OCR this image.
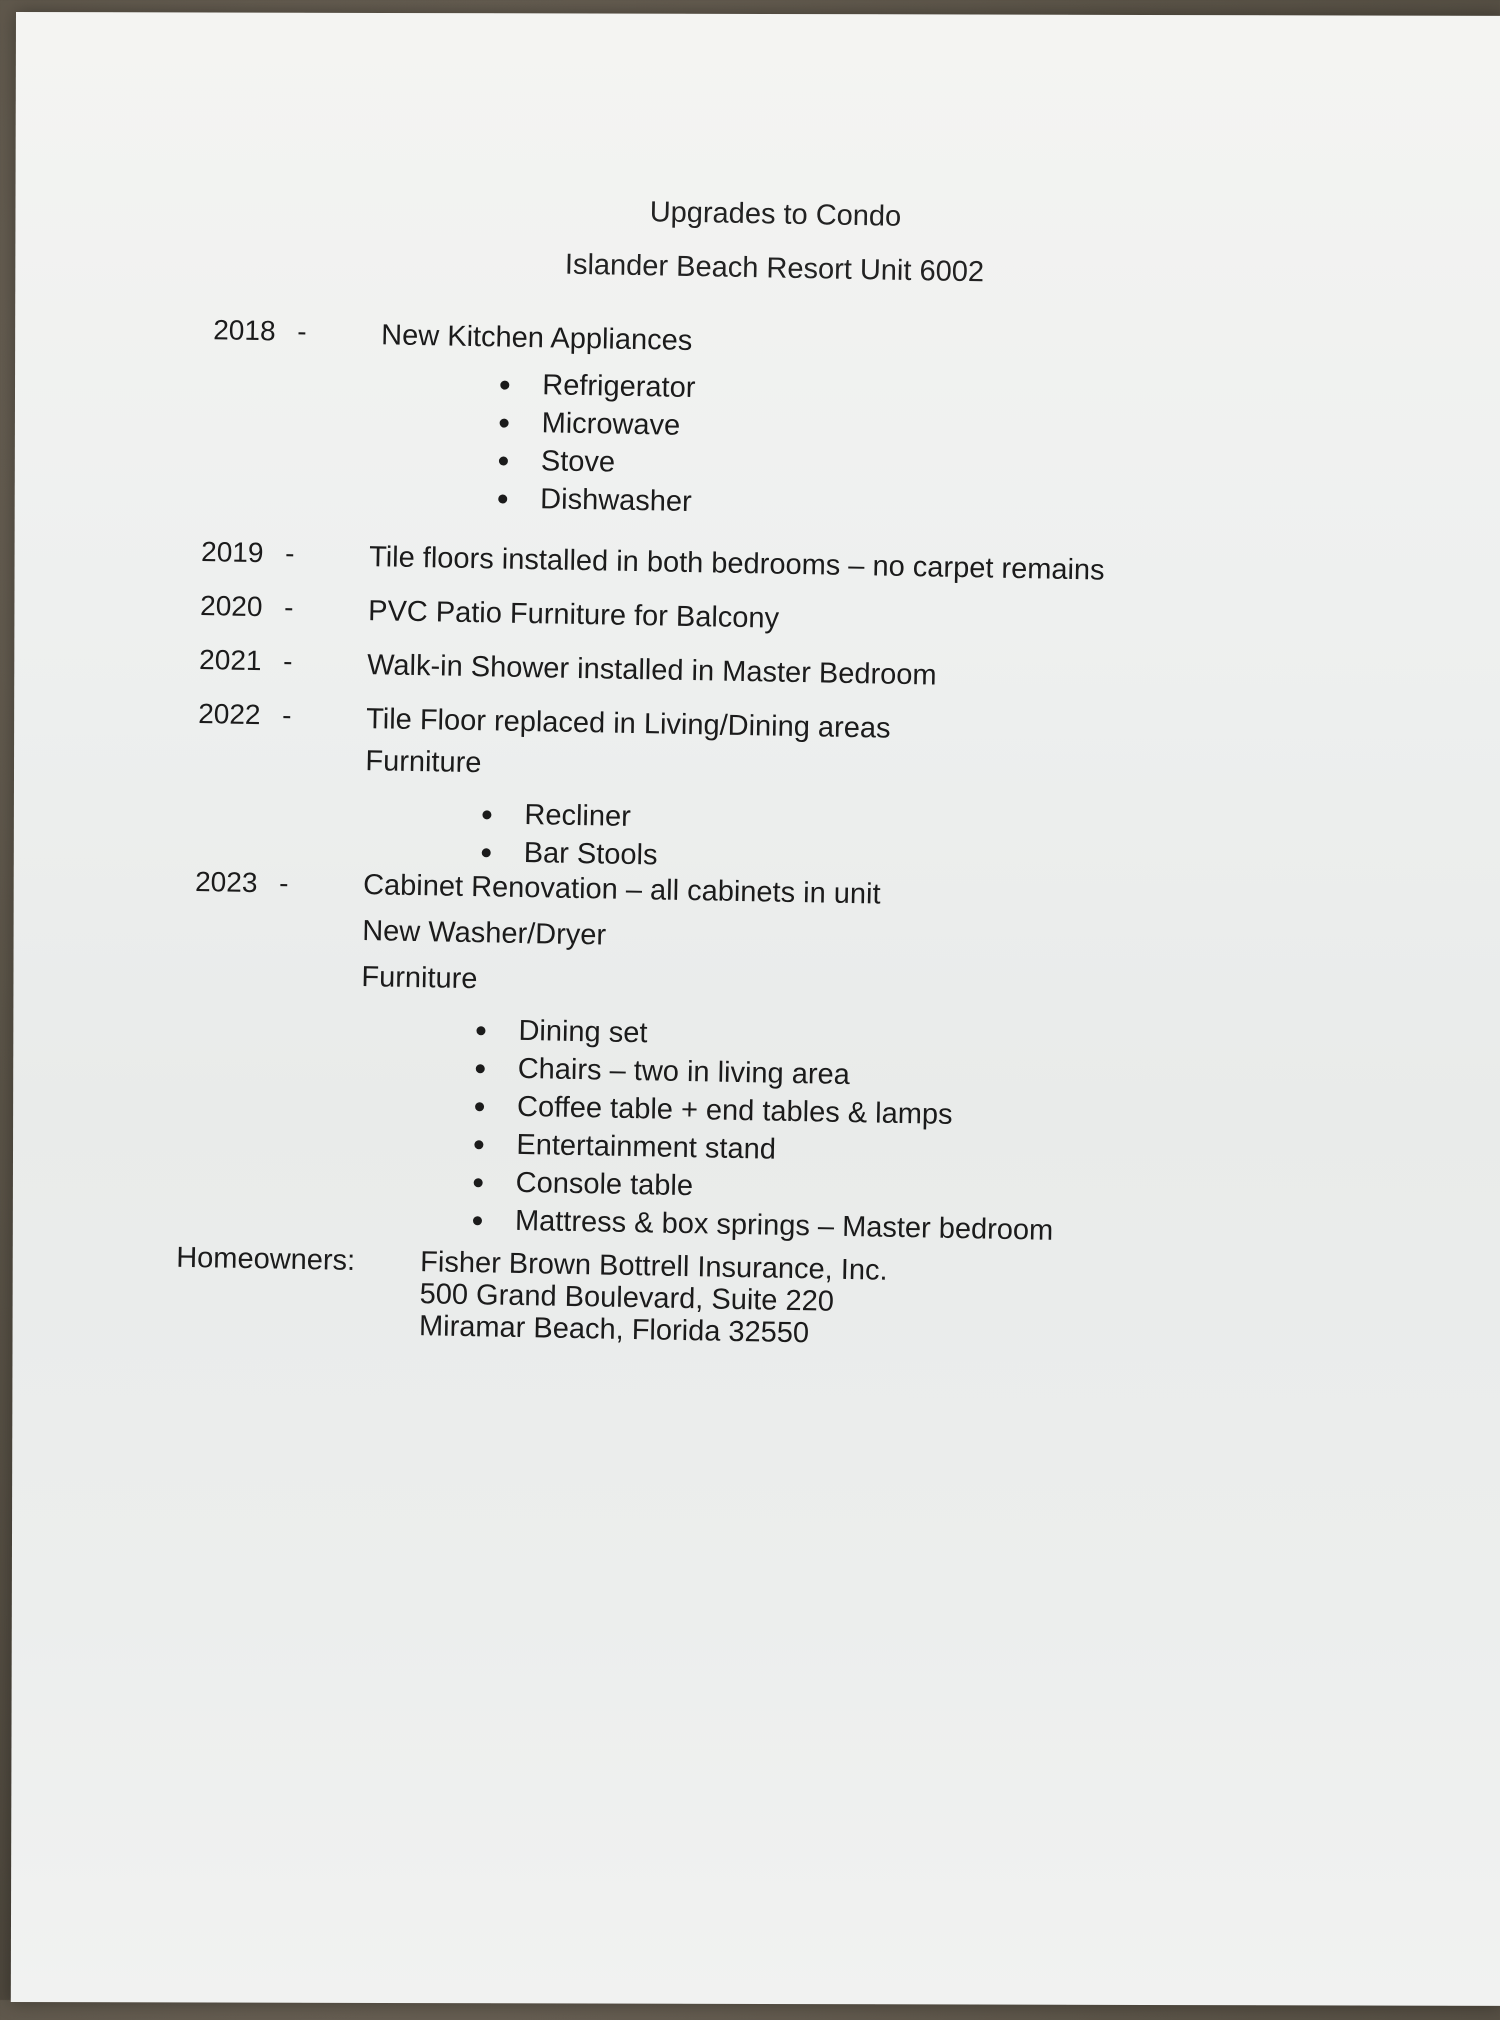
Upgrades to Condo
Islander Beach Resort Unit 6002
2018 -	New Kitchen Appliances
Refrigerator
Microwave
Stove
Dishwasher
2019 -	Tile floors installed in both bedrooms – no carpet remains
2020 -	PVC Patio Furniture for Balcony
2021 -	Walk-in Shower installed in Master Bedroom
2022 -	Tile Floor replaced in Living/Dining areas
Furniture
Recliner
Bar Stools
2023 -	Cabinet Renovation – all cabinets in unit
New Washer/Dryer
Furniture
Dining set
Chairs – two in living area
Coffee table + end tables & lamps
Entertainment stand
Console table
Mattress & box springs – Master bedroom
Homeowners: Fisher Brown Bottrell Insurance, Inc.
500 Grand Boulevard, Suite 220
Miramar Beach, Florida 32550
